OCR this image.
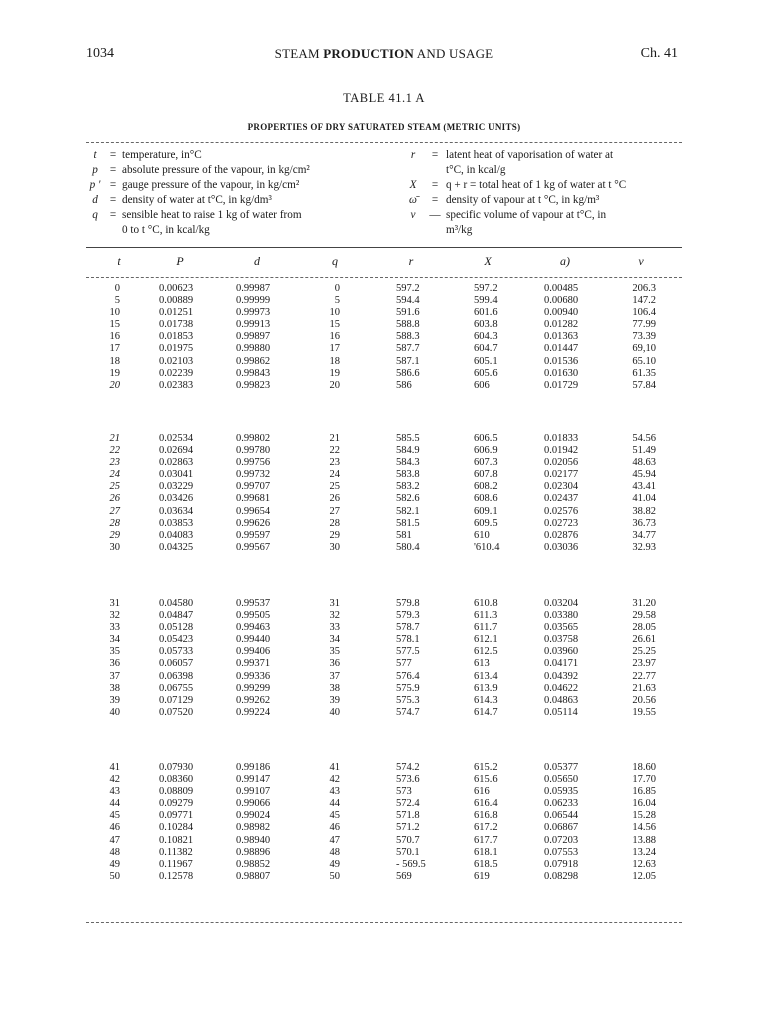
1034	STEAM PRODUCTION AND USAGE	Ch. 41
TABLE 41.1 A
PROPERTIES OF DRY SATURATED STEAM (METRIC UNITS)
t	= temperature, in°C
p	= absolute pressure of the vapour, in kg/cm²
p ' = gauge pressure of the vapour, in kg/cm²
d	= density of water at t°C, in kg/dm³
q	= sensible heat to raise 1 kg of water from
0 to t °C, in kcal/kg
r	= latent heat of vaporisation of water at
t°C, in kcal/g
X	= q + r = total heat of 1 kg of water at t °C
ω̄	= density of vapour at t °C, in kg/m³
v	— specific volume of vapour at t°C, in
m³/kg
t	P	d	q	r	X	a)	v
0	0.00623	0.99987	0	597.2	597.2	0.00485	206.3
5	0.00889	0.99999	5	594.4	599.4	0.00680	147.2
10	0.01251	0.99973	10	591.6	601.6	0.00940	106.4
15	0.01738	0.99913	15	588.8	603.8	0.01282	77.99
16	0.01853	0.99897	16	588.3	604.3	0.01363	73.39
17	0.01975	0.99880	17	587.7	604.7	0.01447	69,10
18	0.02103	0.99862	18	587.1	605.1	0.01536	65.10
19	0.02239	0.99843	19	586.6	605.6	0.01630	61.35
20	0.02383	0.99823	20	586	606	0.01729	57.84
21	0.02534	0.99802	21	585.5	606.5	0.01833	54.56
22	0.02694	0.99780	22	584.9	606.9	0.01942	51.49
23	0.02863	0.99756	23	584.3	607.3	0.02056	48.63
24	0.03041	0.99732	24	583.8	607.8	0.02177	45.94
25	0.03229	0.99707	25	583.2	608.2	0.02304	43.41
26	0.03426	0.99681	26	582.6	608.6	0.02437	41.04
27	0.03634	0.99654	27	582.1	609.1	0.02576	38.82
28	0.03853	0.99626	28	581.5	609.5	0.02723	36.73
29	0.04083	0.99597	29	581	610	0.02876	34.77
30	0.04325	0.99567	30	580.4	'610.4	0.03036	32.93
31	0.04580	0.99537	31	579.8	610.8	0.03204	31.20
32	0.04847	0.99505	32	579.3	611.3	0.03380	29.58
33	0.05128	0.99463	33	578.7	611.7	0.03565	28.05
34	0.05423	0.99440	34	578.1	612.1	0.03758	26.61
35	0.05733	0.99406	35	577.5	612.5	0.03960	25.25
36	0.06057	0.99371	36	577	613	0.04171	23.97
37	0.06398	0.99336	37	576.4	613.4	0.04392	22.77
38	0.06755	0.99299	38	575.9	613.9	0.04622	21.63
39	0.07129	0.99262	39	575.3	614.3	0.04863	20.56
40	0.07520	0.99224	40	574.7	614.7	0.05114	19.55
41	0.07930	0.99186	41	574.2	615.2	0.05377	18.60
42	0.08360	0.99147	42	573.6	615.6	0.05650	17.70
43	0.08809	0.99107	43	573	616	0.05935	16.85
44	0.09279	0.99066	44	572.4	616.4	0.06233	16.04
45	0.09771	0.99024	45	571.8	616.8	0.06544	15.28
46	0.10284	0.98982	46	571.2	617.2	0.06867	14.56
47	0.10821	0.98940	47	570.7	617.7	0.07203	13.88
48	0.11382	0.98896	48	570.1	618.1	0.07553	13.24
49	0.11967	0.98852	49	- 569.5	618.5	0.07918	12.63
50	0.12578	0.98807	50	569	619	0.08298	12.05
